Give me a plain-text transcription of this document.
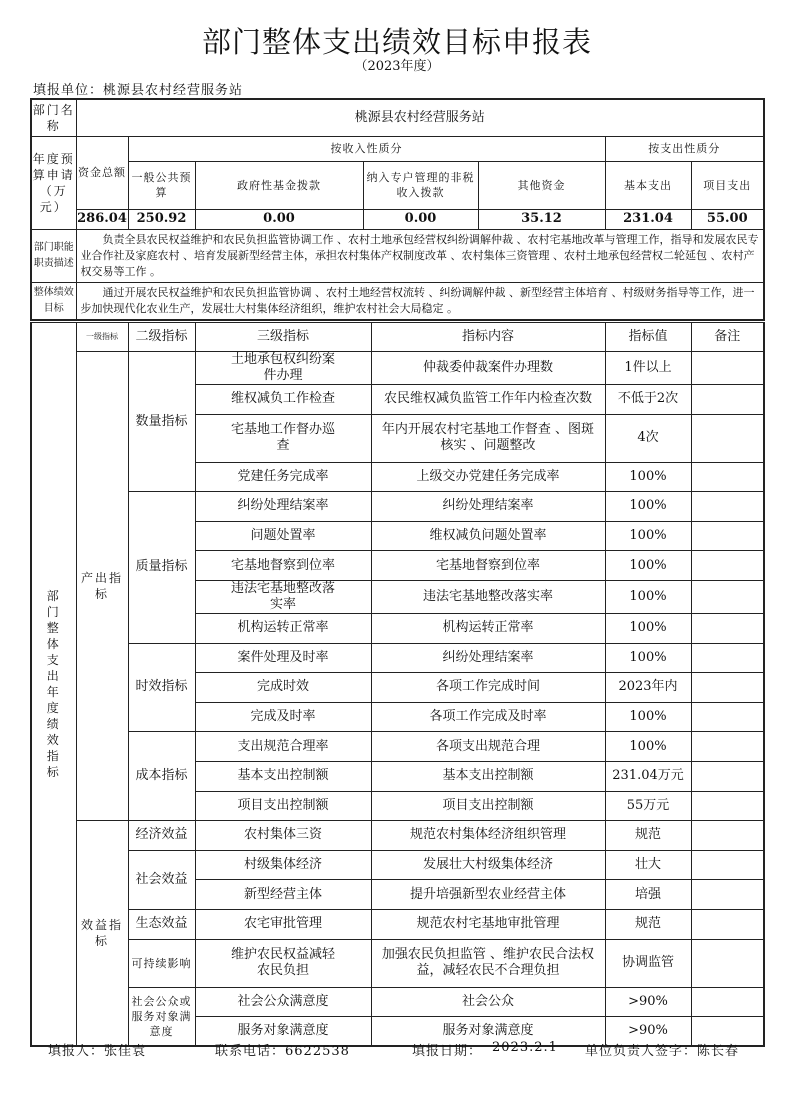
部门整体支出绩效目标申报表
（2023年度）
填报单位：桃源县农村经营服务站
部门名称	桃源县农村经营服务站						
年度预算申请（万元）	资金总额	按收入性质分				按支出性质分	
		一般公共预算	政府性基金拨款	纳入专户管理的非税收入拨款	其他资金	基本支出	项目支出
	286.04	250.92	0.00	0.00	35.12	231.04	55.00
部门职能职责描述	负责全县农民权益维护和农民负担监管协调工作 、农村土地承包经营权纠纷调解仲裁 、农村宅基地改革与管理工作，指导和发展农民专业合作社及家庭农村 、培育发展新型经营主体，承担农村集体产权制度改革 、农村集体三资管理 、农村土地承包经营权二轮延包 、农村产权交易等工作 。						
整体绩效目标	通过开展农民权益维护和农民负担监管协调 、农村土地经营权流转 、纠纷调解仲裁 、新型经营主体培育 、村级财务指导等工作，进一步加快现代化农业生产，发展壮大村集体经济组织，维护农村社会大局稳定 。						
部门整体支出年度绩效指标	一级指标	二级指标	三级指标	指标内容	指标值	备注
	产出指标	数量指标	土地承包权纠纷案件办理	仲裁委仲裁案件办理数	1件以上	
			维权减负工作检查	农民维权减负监管工作年内检查次数	不低于2次	
			宅基地工作督办巡查	年内开展农村宅基地工作督查 、图斑核实 、问题整改	4次	
			党建任务完成率	上级交办党建任务完成率	100%	
		质量指标	纠纷处理结案率	纠纷处理结案率	100%	
			问题处置率	维权减负问题处置率	100%	
			宅基地督察到位率	宅基地督察到位率	100%	
			违法宅基地整改落实率	违法宅基地整改落实率	100%	
			机构运转正常率	机构运转正常率	100%	
		时效指标	案件处理及时率	纠纷处理结案率	100%	
			完成时效	各项工作完成时间	2023年内	
			完成及时率	各项工作完成及时率	100%	
		成本指标	支出规范合理率	各项支出规范合理	100%	
			基本支出控制额	基本支出控制额	231.04万元	
			项目支出控制额	项目支出控制额	55万元	
	效益指标	经济效益	农村集体三资	规范农村集体经济组织管理	规范	
		社会效益	村级集体经济	发展壮大村级集体经济	壮大	
			新型经营主体	提升培强新型农业经营主体	培强	
		生态效益	农宅审批管理	规范农村宅基地审批管理	规范	
		可持续影响	维护农民权益减轻农民负担	加强农民负担监管 、维护农民合法权益，减轻农民不合理负担	协调监管	
		社会公众或服务对象满意度	社会公众满意度	社会公众	>90%	
			服务对象满意度	服务对象满意度	>90%	
填报人：张佳袁	联系电话：6622538	填报日期： 2023.2.1 单位负责人签字：陈长春
